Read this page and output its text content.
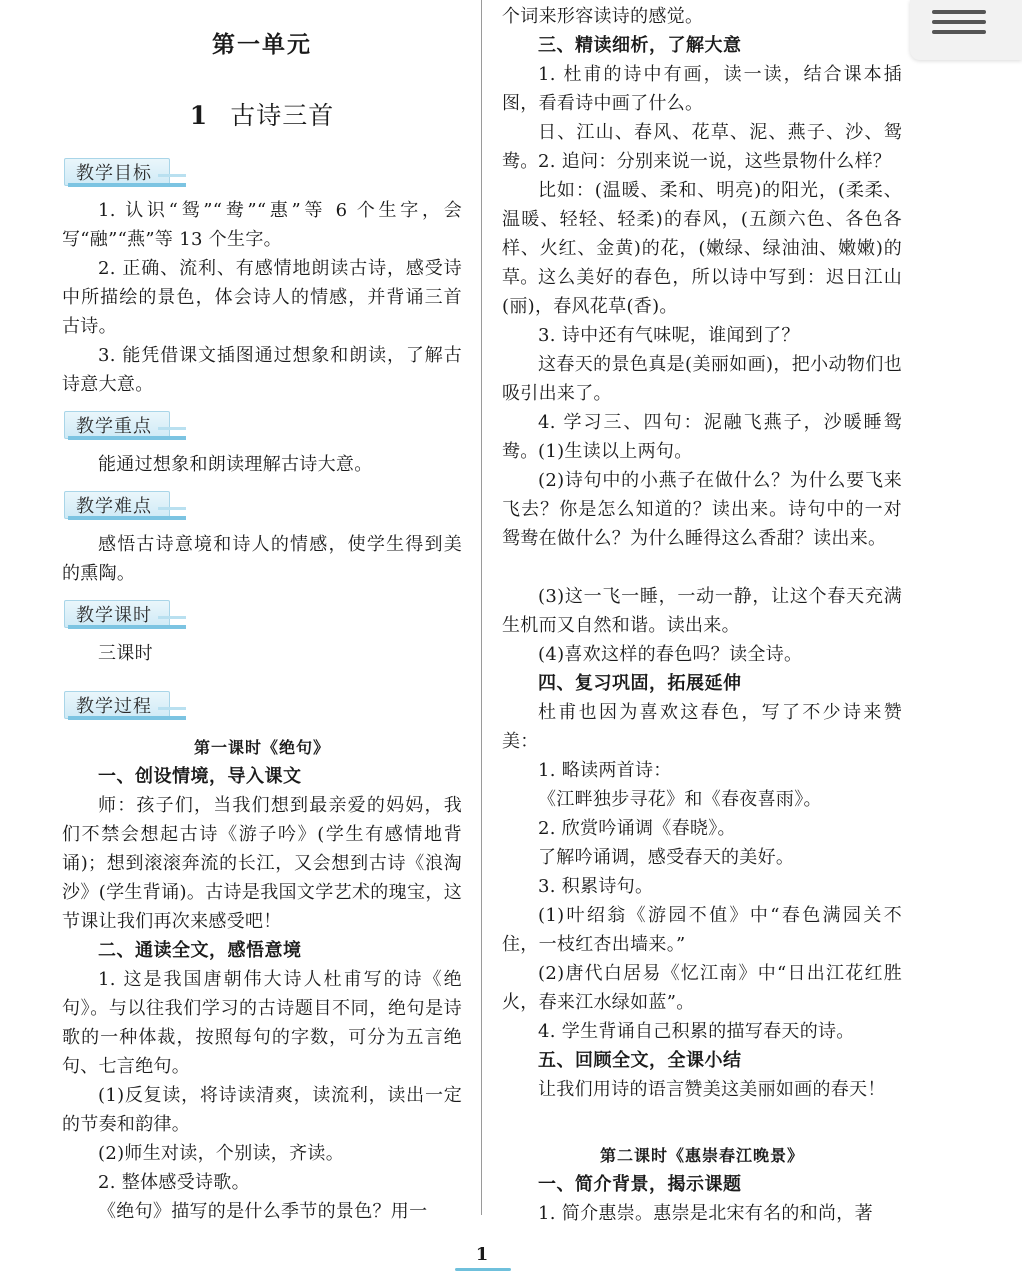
第一单元
1 古诗三首
教学目标
1. 认识“鸳”“鸯”“惠”等 6 个生字，会写“融”“燕”等 13 个生字。
2. 正确、流利、有感情地朗读古诗，感受诗中所描绘的景色，体会诗人的情感，并背诵三首古诗。
3. 能凭借课文插图通过想象和朗读，了解古诗意大意。
教学重点
能通过想象和朗读理解古诗大意。
教学难点
感悟古诗意境和诗人的情感，使学生得到美的熏陶。
教学课时
三课时
教学过程
第一课时《绝句》
一、创设情境，导入课文
师：孩子们，当我们想到最亲爱的妈妈，我们不禁会想起古诗《游子吟》(学生有感情地背诵)；想到滚滚奔流的长江，又会想到古诗《浪淘沙》(学生背诵)。古诗是我国文学艺术的瑰宝，这节课让我们再次来感受吧！
二、通读全文，感悟意境
1. 这是我国唐朝伟大诗人杜甫写的诗《绝句》。与以往我们学习的古诗题目不同，绝句是诗歌的一种体裁，按照每句的字数，可分为五言绝句、七言绝句。
(1)反复读，将诗读清爽，读流利，读出一定的节奏和韵律。
(2)师生对读，个别读，齐读。
2. 整体感受诗歌。
《绝句》描写的是什么季节的景色？用一
个词来形容读诗的感觉。
三、精读细析，了解大意
1. 杜甫的诗中有画，读一读，结合课本插图，看看诗中画了什么。
日、江山、春风、花草、泥、燕子、沙、鸳鸯。 2. 追问：分别来说一说，这些景物什么样？
比如：(温暖、柔和、明亮)的阳光，(柔柔、温暖、轻轻、轻柔)的春风，(五颜六色、各色各样、火红、金黄)的花，(嫩绿、绿油油、嫩嫩)的草。 这么美好的春色，所以诗中写到：迟日江山(丽)，春风花草(香)。
3. 诗中还有气味呢，谁闻到了？
这春天的景色真是(美丽如画)，把小动物们也吸引出来了。
4. 学习三、四句：泥融飞燕子，沙暖睡鸳鸯。 (1)生读以上两句。
(2)诗句中的小燕子在做什么？为什么要飞来飞去？你是怎么知道的？读出来。诗句中的一对鸳鸯在做什么？为什么睡得这么香甜？读出来。
(3)这一飞一睡，一动一静，让这个春天充满生机而又自然和谐。读出来。
(4)喜欢这样的春色吗？读全诗。
四、复习巩固，拓展延伸
杜甫也因为喜欢这春色，写了不少诗来赞美：
1. 略读两首诗：
《江畔独步寻花》和《春夜喜雨》。
2. 欣赏吟诵调《春晓》。
了解吟诵调，感受春天的美好。
3. 积累诗句。
(1)叶绍翁《游园不值》中“春色满园关不住，一枝红杏出墙来。”
(2)唐代白居易《忆江南》中“日出江花红胜火，春来江水绿如蓝”。
4. 学生背诵自己积累的描写春天的诗。
五、回顾全文，全课小结
让我们用诗的语言赞美这美丽如画的春天！
第二课时《惠崇春江晚景》
一、简介背景，揭示课题
1. 简介惠崇。惠崇是北宋有名的和尚，著
1
